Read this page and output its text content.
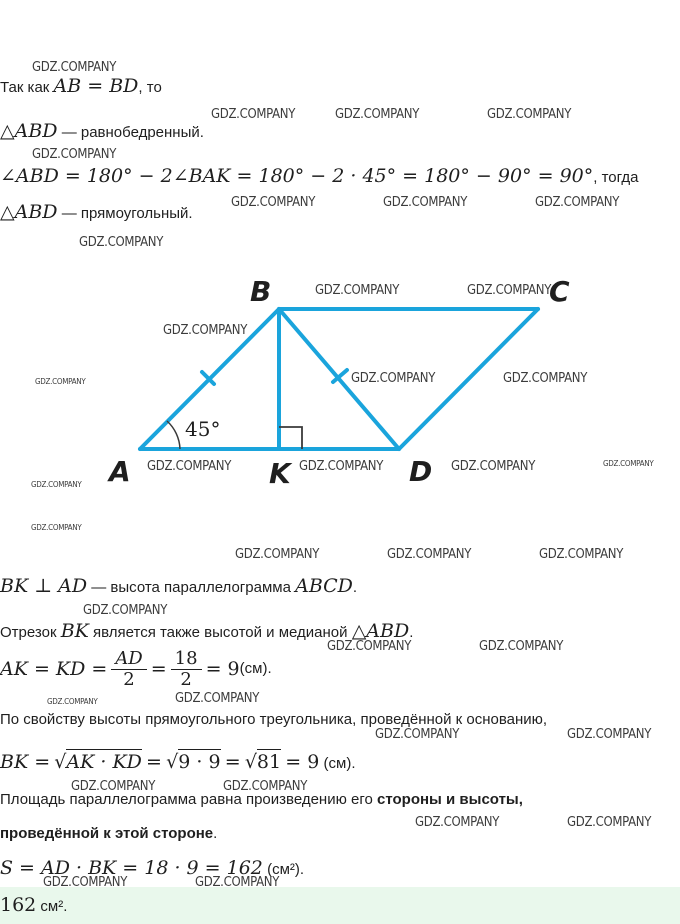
Так как AB = BD, то
△ABD — равнобедренный.
∠ABD = 180° − 2∠BAK = 180° − 2 · 45° = 180° − 90° = 90°, тогда
△ABD — прямоугольный.
45°
B	C
A	K	D
BK ⊥ AD — высота параллелограмма ABCD.
Отрезок BK является также высотой и медианой △ABD.
AK = KD = $\frac{AD}{2} = \frac{18}{2} = 9$ (см).
По свойству высоты прямоугольного треугольника, проведённой к основанию,
BK = √AK · KD = √9 · 9 = √81 = 9 (см).
Площадь параллелограмма равна произведению его стороны и высоты,
проведённой к этой стороне.
S = AD · BK = 18 · 9 = 162 (см²).
162 см².
GDZ.COMPANY
GDZ.COMPANY	GDZ.COMPANY	GDZ.COMPANY
GDZ.COMPANY
GDZ.COMPANY	GDZ.COMPANY	GDZ.COMPANY
GDZ.COMPANY
GDZ.COMPANY	GDZ.COMPANY
GDZ.COMPANY
GDZ.COMPANY	GDZ.COMPANY
GDZ.COMPANY	GDZ.COMPANY	GDZ.COMPANY
GDZ.COMPANY	GDZ.COMPANY	GDZ.COMPANY
GDZ.COMPANY
GDZ.COMPANY	GDZ.COMPANY
GDZ.COMPANY
GDZ.COMPANY	GDZ.COMPANY
GDZ.COMPANY	GDZ.COMPANY
GDZ.COMPANY	GDZ.COMPANY
GDZ.COMPANY	GDZ.COMPANY
GDZ.COMPANY
GDZ.COMPANY
GDZ.COMPANY
GDZ.COMPANY
GDZ.COMPANY
